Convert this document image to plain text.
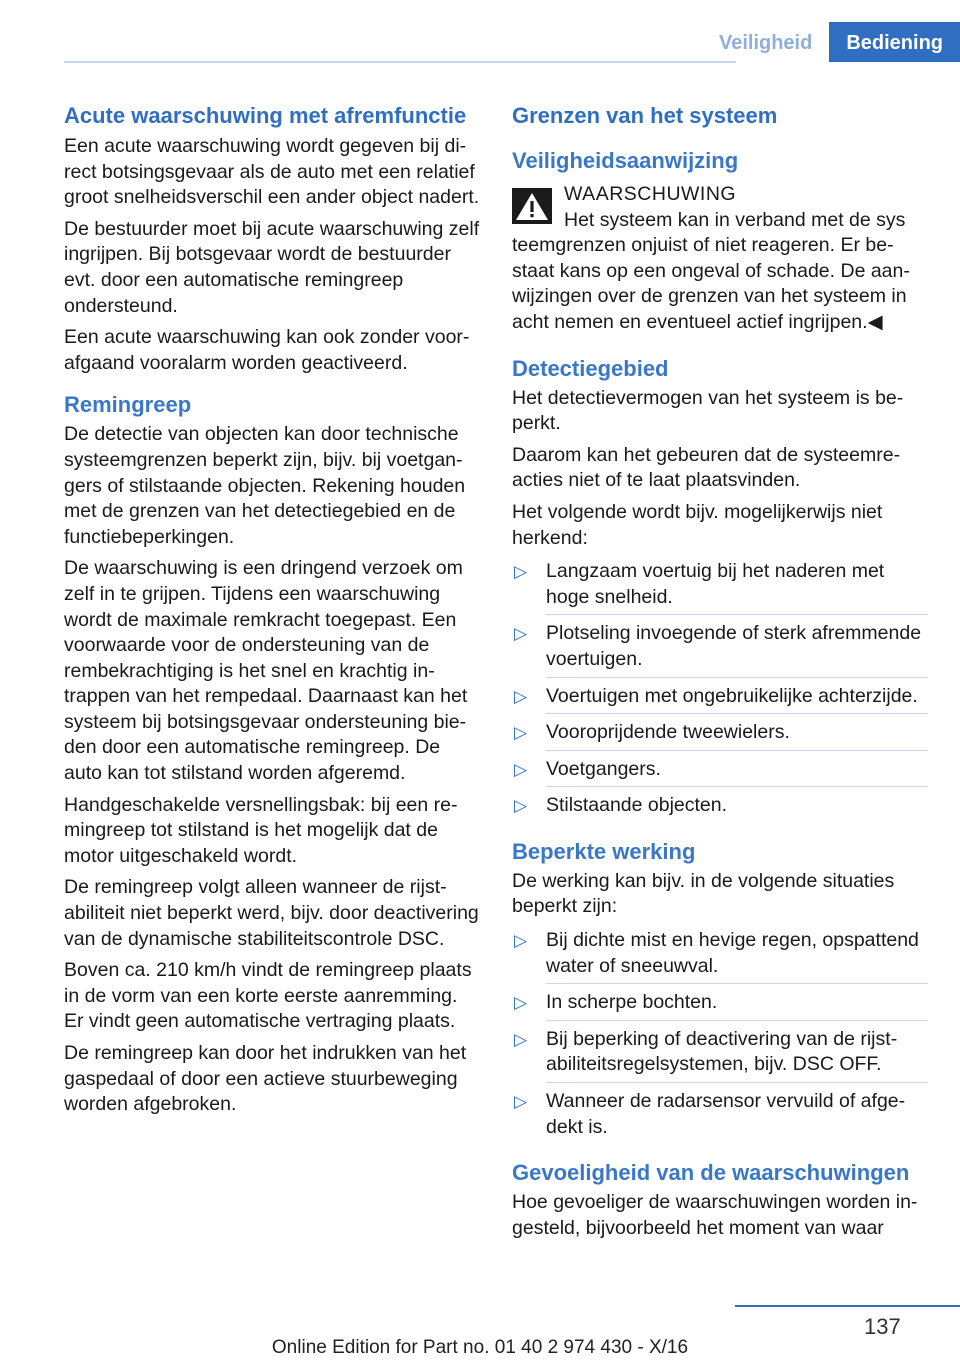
Veiligheid	Bediening
Acute waarschuwing met afremfunctie

Een acute waarschuwing wordt gegeven bij direct botsingsgevaar als de auto met een relatief groot snelheidsverschil een ander object nadert.

De bestuurder moet bij acute waarschuwing zelf ingrijpen. Bij botsgevaar wordt de bestuurder evt. door een automatische remingreep ondersteund.

Een acute waarschuwing kan ook zonder voorafgaand vooralarm worden geactiveerd.

Remingreep

De detectie van objecten kan door technische systeemgrenzen beperkt zijn, bijv. bij voetgangers of stilstaande objecten. Rekening houden met de grenzen van het detectiegebied en de functiebeperkingen.

De waarschuwing is een dringend verzoek om zelf in te grijpen. Tijdens een waarschuwing wordt de maximale remkracht toegepast. Een voorwaarde voor de ondersteuning van de rembekrachtiging is het snel en krachtig intrappen van het rempedaal. Daarnaast kan het systeem bij botsingsgevaar ondersteuning bieden door een automatische remingreep. De auto kan tot stilstand worden afgeremd.

Handgeschakelde versnellingsbak: bij een remingreep tot stilstand is het mogelijk dat de motor uitgeschakeld wordt.

De remingreep volgt alleen wanneer de rijstabiliteit niet beperkt werd, bijv. door deactivering van de dynamische stabiliteitscontrole DSC.

Boven ca. 210 km/h vindt de remingreep plaats in de vorm van een korte eerste aanremming. Er vindt geen automatische vertraging plaats.

De remingreep kan door het indrukken van het gaspedaal of door een actieve stuurbeweging worden afgebroken.

Grenzen van het systeem
Veiligheidsaanwijzing
WAARSCHUWING
Het systeem kan in verband met de sys
teemgrenzen onjuist of niet reageren. Er bestaat kans op een ongeval of schade. De aanwijzingen over de grenzen van het systeem in acht nemen en eventueel actief ingrijpen.◀
Detectiegebied

Het detectievermogen van het systeem is beperkt.

Daarom kan het gebeuren dat de systeemreacties niet of te laat plaatsvinden.

Het volgende wordt bijv. mogelijkerwijs niet herkend:

▷ Langzaam voertuig bij het naderen met hoge snelheid.
▷ Plotseling invoegende of sterk afremmende voertuigen.
▷ Voertuigen met ongebruikelijke achterzijde.
▷ Vooroprijdende tweewielers.
▷ Voetgangers.
▷ Stilstaande objecten.
Beperkte werking

De werking kan bijv. in de volgende situaties beperkt zijn:

▷ Bij dichte mist en hevige regen, opspattend water of sneeuwval.
▷ In scherpe bochten.
▷ Bij beperking of deactivering van de rijstabiliteitsregelsystemen, bijv. DSC OFF.
▷ Wanneer de radarsensor vervuild of afgedekt is.
Gevoeligheid van de waarschuwingen

Hoe gevoeliger de waarschuwingen worden ingesteld, bijvoorbeeld het moment van waar

137
Online Edition for Part no. 01 40 2 974 430 - X/16
